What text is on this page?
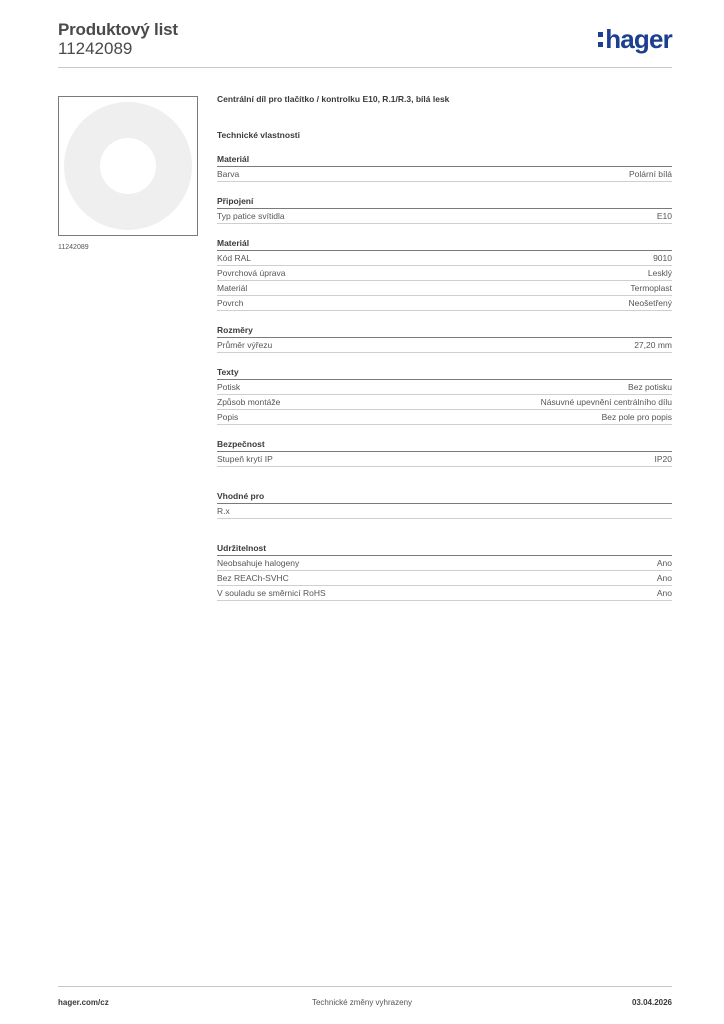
Produktový list
11242089	hager
11242089
Centrální díl pro tlačítko / kontrolku E10, R.1/R.3, bílá lesk
Technické vlastnosti
Materiál
Barva	Polární bílá
Připojení
Typ patice svítidla	E10
Materiál
Kód RAL	9010
Povrchová úprava	Lesklý
Materiál	Termoplast
Povrch	Neošetřený
Rozměry
Průměr výřezu	27,20 mm
Texty
Potisk	Bez potisku
Způsob montáže	Násuvné upevnění centrálního dílu
Popis	Bez pole pro popis
Bezpečnost
Stupeň krytí IP	IP20
Vhodné pro
R.x
Udržitelnost
Neobsahuje halogeny	Ano
Bez REACh-SVHC	Ano
V souladu se směrnicí RoHS	Ano
hager.com/cz	Technické změny vyhrazeny	03.04.2026
